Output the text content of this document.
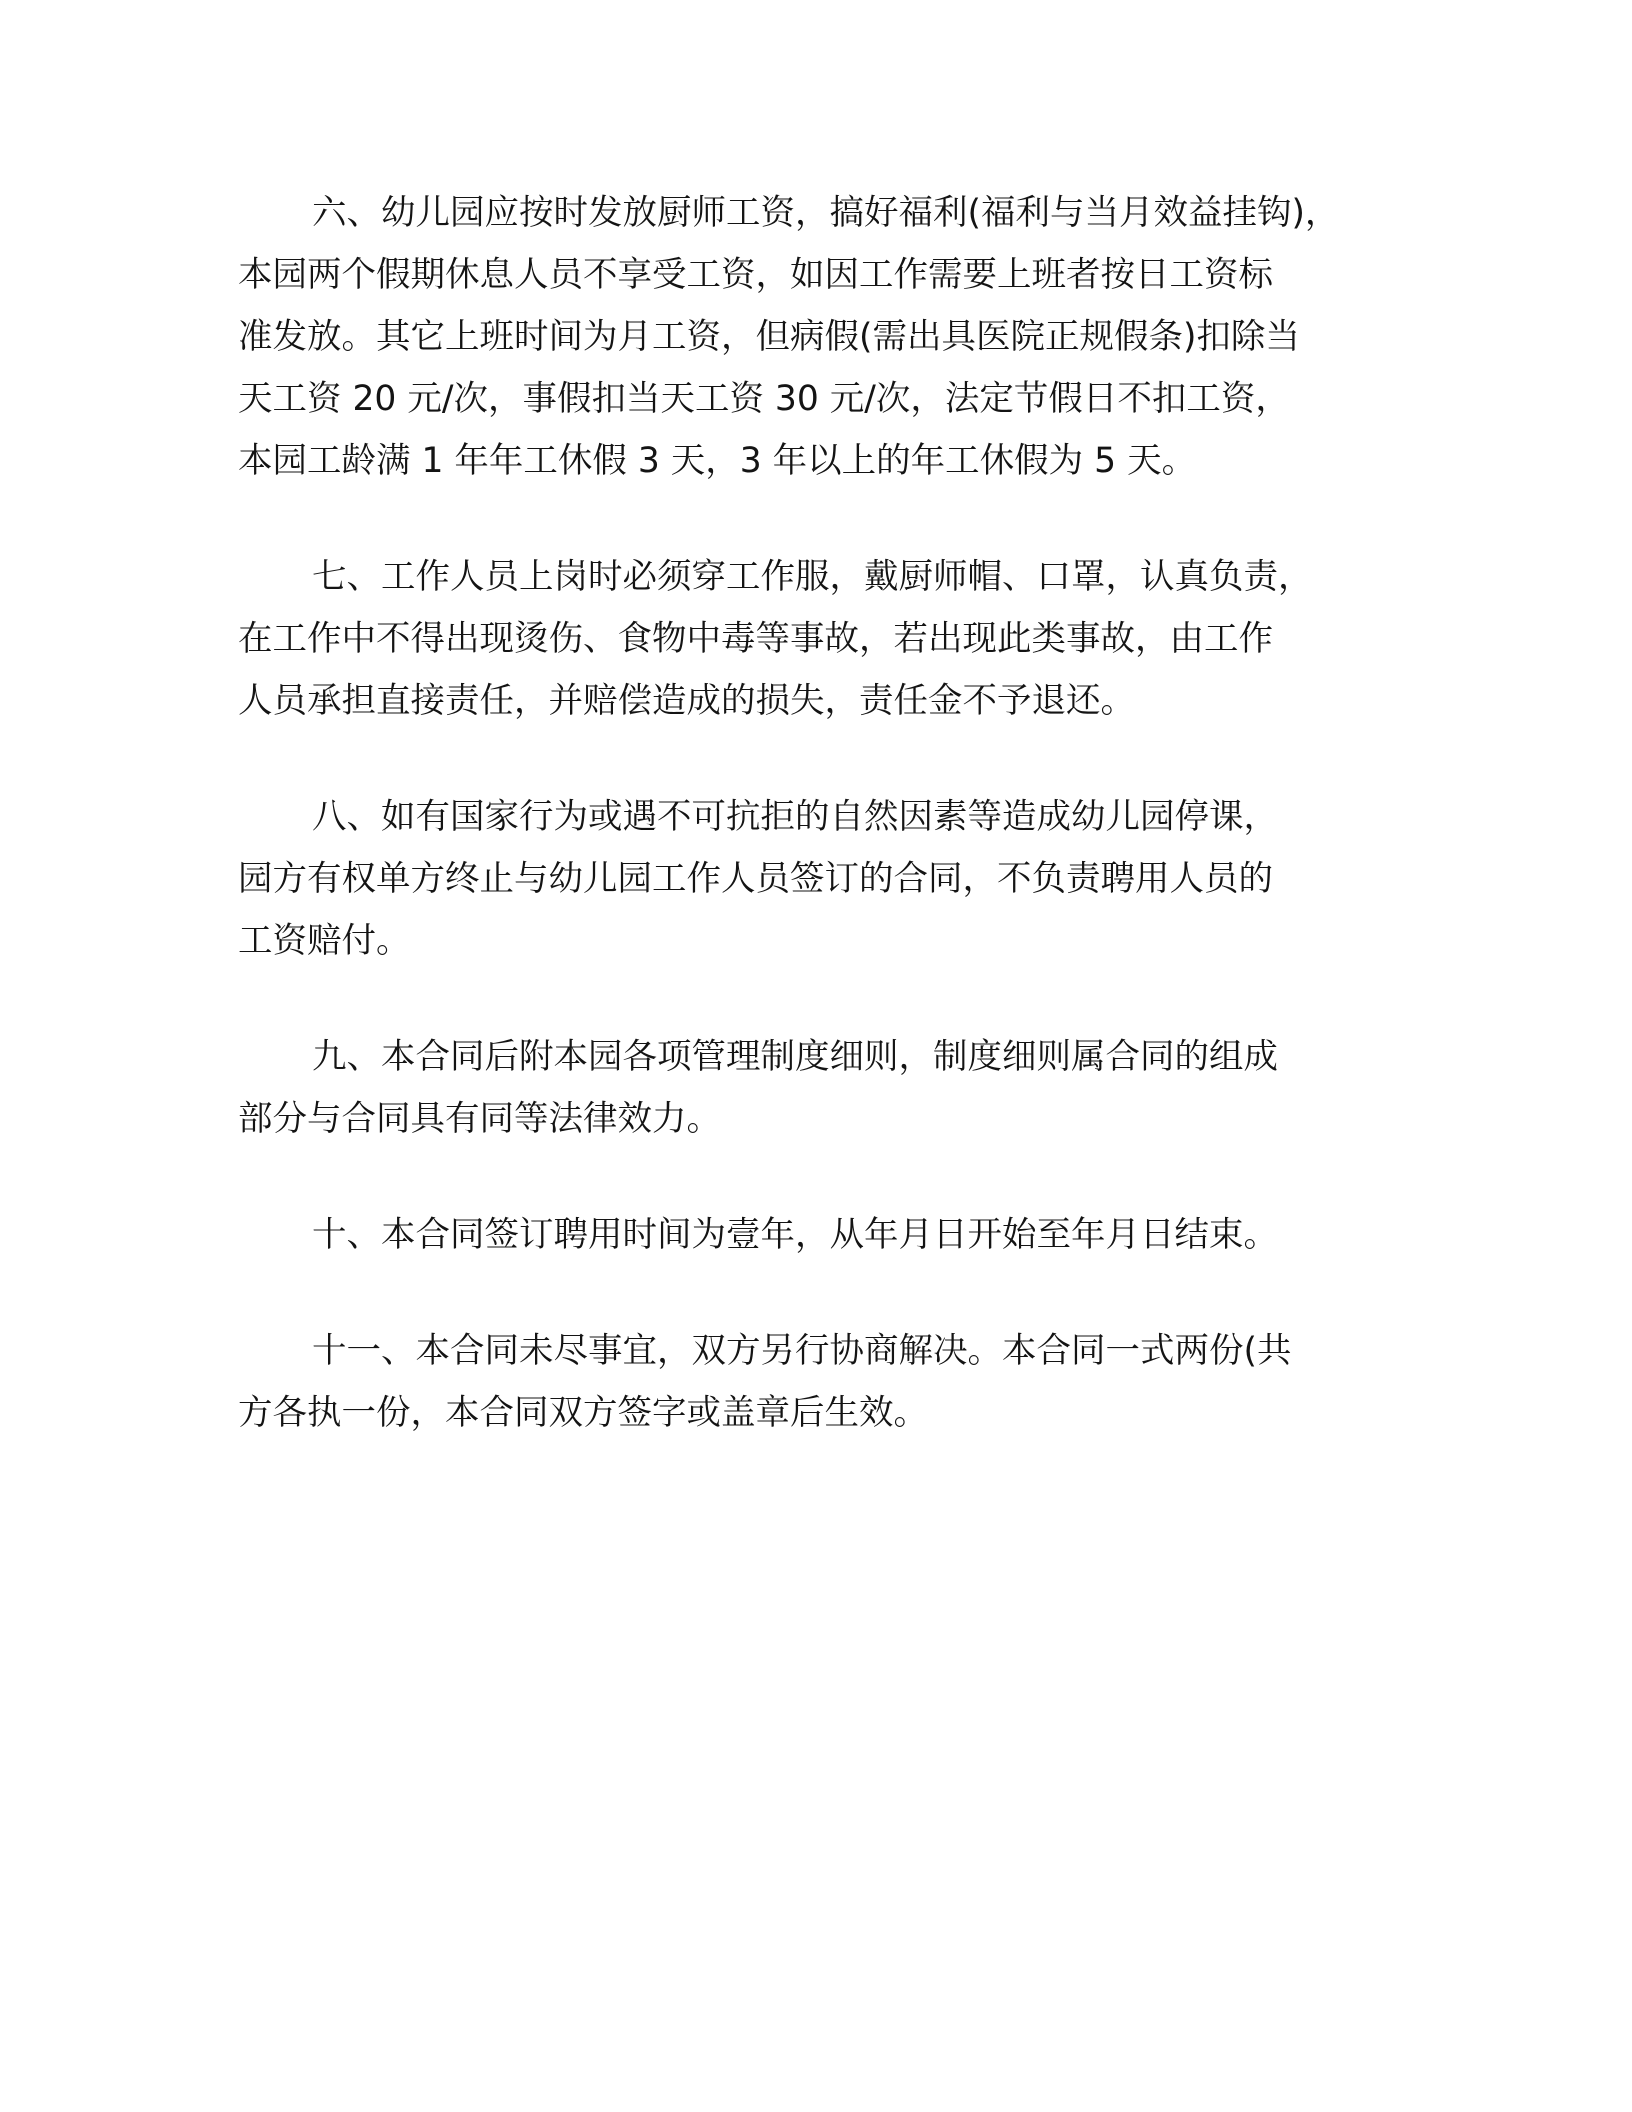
六、幼儿园应按时发放厨师工资，搞好福利(福利与当月效益挂钩)，
本园两个假期休息人员不享受工资，如因工作需要上班者按日工资标
准发放。其它上班时间为月工资，但病假(需出具医院正规假条)扣除当
天工资 20 元/次，事假扣当天工资 30 元/次，法定节假日不扣工资，
本园工龄满 1 年年工休假 3 天，3 年以上的年工休假为 5 天。
七、工作人员上岗时必须穿工作服，戴厨师帽、口罩，认真负责，
在工作中不得出现烫伤、食物中毒等事故，若出现此类事故，由工作
人员承担直接责任，并赔偿造成的损失，责任金不予退还。
八、如有国家行为或遇不可抗拒的自然因素等造成幼儿园停课，
园方有权单方终止与幼儿园工作人员签订的合同，不负责聘用人员的
工资赔付。
九、本合同后附本园各项管理制度细则，制度细则属合同的组成
部分与合同具有同等法律效力。
十、本合同签订聘用时间为壹年，从年月日开始至年月日结束。
十一、本合同未尽事宜，双方另行协商解决。本合同一式两份(共
方各执一份，本合同双方签字或盖章后生效。
